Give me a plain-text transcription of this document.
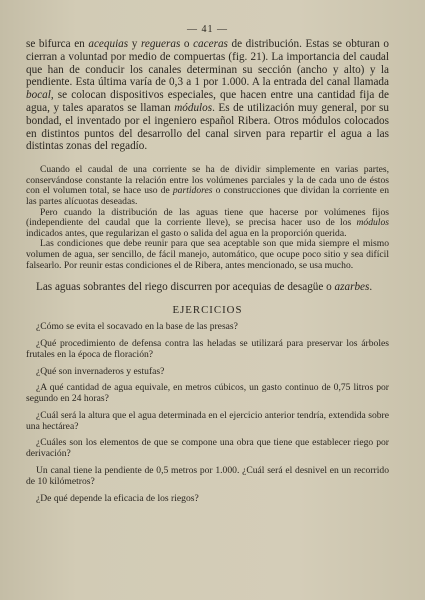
— 41 —

se bifurca en acequias y regueras o caceras de distribución. Estas se obturan o cierran a voluntad por medio de compuertas (fig. 21). La importancia del caudal que han de conducir los canales determinan su sección (ancho y alto) y la pendiente. Esta última varía de 0,3 a 1 por 1.000. A la entrada del canal llamada bocal, se colocan dispositivos especiales, que hacen entre una cantidad fija de agua, y tales aparatos se llaman módulos. Es de utilización muy general, por su bondad, el inventado por el ingeniero español Ribera. Otros módulos colocados en distintos puntos del desarrollo del canal sirven para repartir el agua a las distintas zonas del regadío.

Cuando el caudal de una corriente se ha de dividir simplemente en varias partes, conservándose constante la relación entre los volúmenes parciales y la de cada uno de éstos con el volumen total, se hace uso de partidores o construcciones que dividan la corriente en las partes alícuotas deseadas.

Pero cuando la distribución de las aguas tiene que hacerse por volúmenes fijos (independiente del caudal que la corriente lleve), se precisa hacer uso de los módulos indicados antes, que regularizan el gasto o salida del agua en la proporción querida.

Las condiciones que debe reunir para que sea aceptable son que mida siempre el mismo volumen de agua, ser sencillo, de fácil manejo, automático, que ocupe poco sitio y sea difícil falsearlo. Por reunir estas condiciones el de Ribera, antes mencionado, se usa mucho.

Las aguas sobrantes del riego discurren por acequias de desagüe o azarbes.

EJERCICIOS

¿Cómo se evita el socavado en la base de las presas?

¿Qué procedimiento de defensa contra las heladas se utilizará para preservar los árboles frutales en la época de floración?

¿Qué son invernaderos y estufas?

¿A qué cantidad de agua equivale, en metros cúbicos, un gasto continuo de 0,75 litros por segundo en 24 horas?

¿Cuál será la altura que el agua determinada en el ejercicio anterior tendría, extendida sobre una hectárea?

¿Cuáles son los elementos de que se compone una obra que tiene que establecer riego por derivación?

Un canal tiene la pendiente de 0,5 metros por 1.000. ¿Cuál será el desnivel en un recorrido de 10 kilómetros?

¿De qué depende la eficacia de los riegos?
